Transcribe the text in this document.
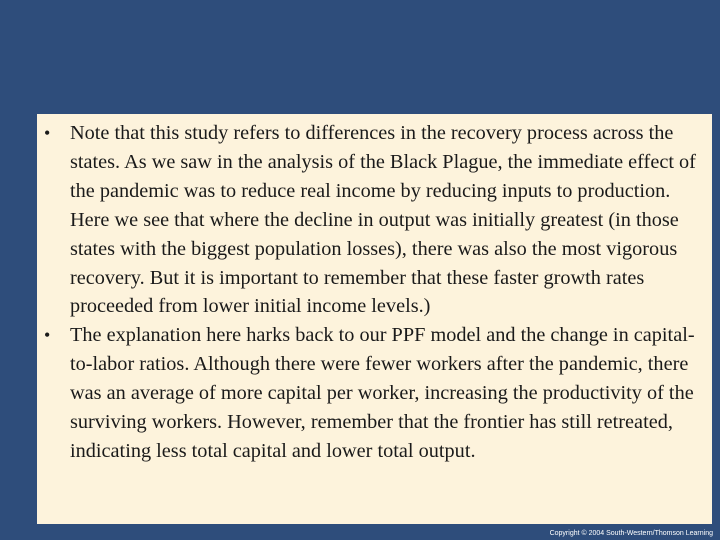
• Note that this study refers to differences in the recovery process across the states. As we saw in the analysis of the Black Plague, the immediate effect of the pandemic was to reduce real income by reducing inputs to production. Here we see that where the decline in output was initially greatest (in those states with the biggest population losses), there was also the most vigorous recovery. But it is important to remember that these faster growth rates proceeded from lower initial income levels.)
• The explanation here harks back to our PPF model and the change in capital-to-labor ratios. Although there were fewer workers after the pandemic, there was an average of more capital per worker, increasing the productivity of the surviving workers. However, remember that the frontier has still retreated, indicating less total capital and lower total output.
Copyright © 2004 South-Western/Thomson Learning
